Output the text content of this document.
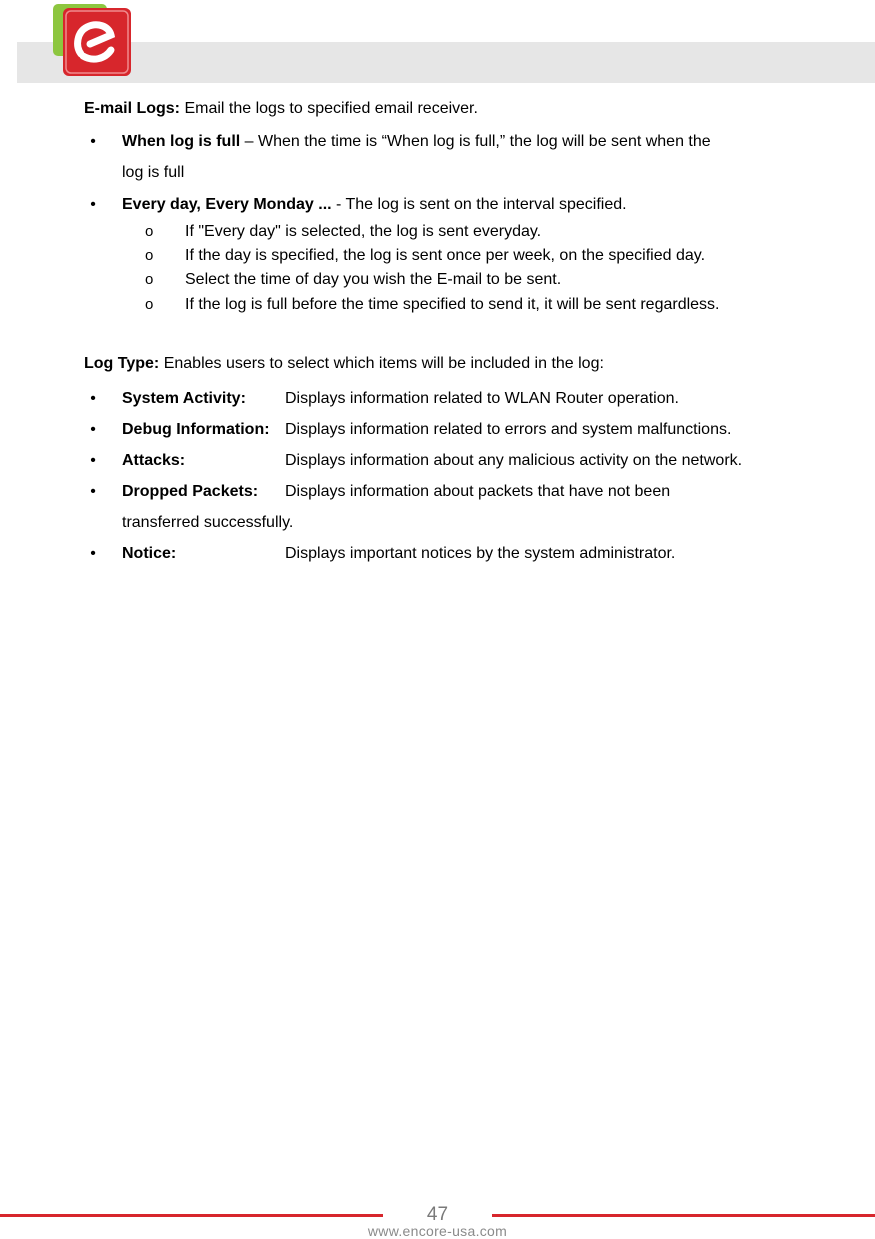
E-mail Logs: Email the logs to specified email receiver.
• When log is full – When the time is “When log is full,” the log will be sent when the
log is full
• Every day, Every Monday ... - The log is sent on the interval specified.
o If "Every day" is selected, the log is sent everyday.
o If the day is specified, the log is sent once per week, on the specified day.
o Select the time of day you wish the E-mail to be sent.
o If the log is full before the time specified to send it, it will be sent regardless.
Log Type: Enables users to select which items will be included in the log:
• System Activity: Displays information related to WLAN Router operation.
• Debug Information: Displays information related to errors and system malfunctions.
• Attacks:	Displays information about any malicious activity on the network.
• Dropped Packets: Displays information about packets that have not been
transferred successfully.
• Notice:	Displays important notices by the system administrator.
47
www.encore-usa.com
